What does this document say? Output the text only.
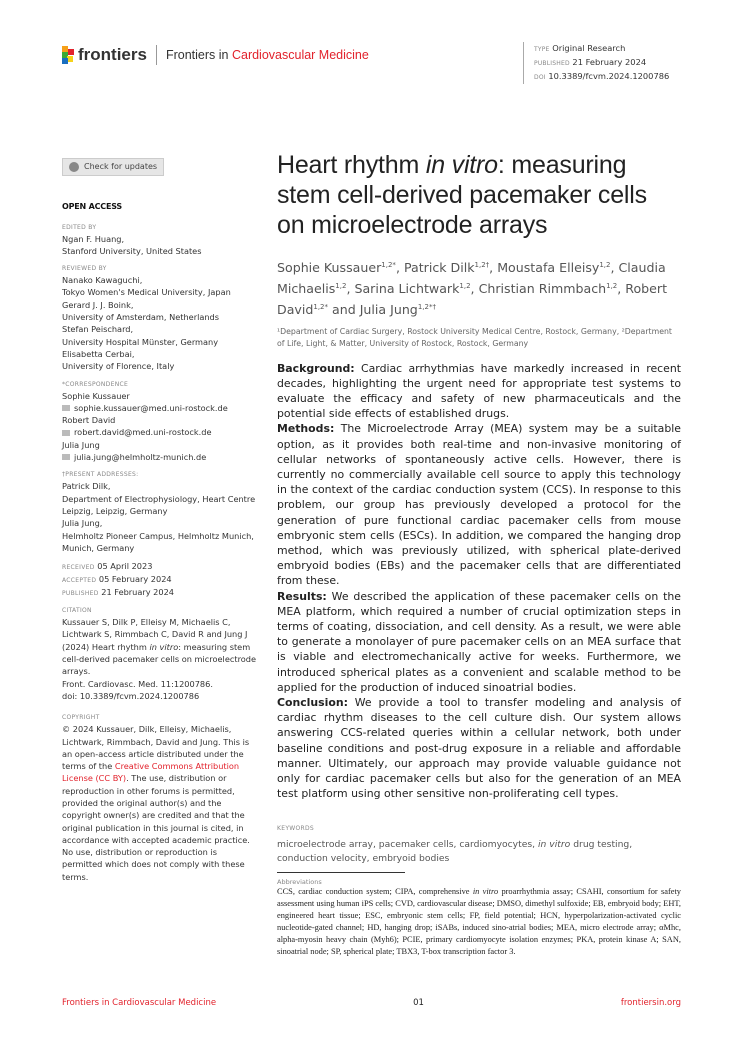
frontiers Frontiers in Cardiovascular Medicine	TYPE Original Research
PUBLISHED 21 February 2024
DOI 10.3389/fcvm.2024.1200786
Check for updates
OPEN ACCESS
EDITED BY
Ngan F. Huang,
Stanford University, United States
REVIEWED BY
Nanako Kawaguchi,
Tokyo Women's Medical University, Japan
Gerard J. J. Boink,
University of Amsterdam, Netherlands
Stefan Peischard,
University Hospital Münster, Germany
Elisabetta Cerbai,
University of Florence, Italy
*CORRESPONDENCE
Sophie Kussauer
sophie.kussauer@med.uni-rostock.de
Robert David
robert.david@med.uni-rostock.de
Julia Jung
julia.jung@helmholtz-munich.de
†PRESENT ADDRESSES:
Patrick Dilk,
Department of Electrophysiology, Heart Centre Leipzig, Leipzig, Germany
Julia Jung,
Helmholtz Pioneer Campus, Helmholtz Munich, Munich, Germany
RECEIVED 05 April 2023
ACCEPTED 05 February 2024
PUBLISHED 21 February 2024
CITATION
Kussauer S, Dilk P, Elleisy M, Michaelis C, Lichtwark S, Rimmbach C, David R and Jung J (2024) Heart rhythm in vitro: measuring stem cell-derived pacemaker cells on microelectrode arrays.
Front. Cardiovasc. Med. 11:1200786.
doi: 10.3389/fcvm.2024.1200786
COPYRIGHT
© 2024 Kussauer, Dilk, Elleisy, Michaelis, Lichtwark, Rimmbach, David and Jung. This is an open-access article distributed under the terms of the Creative Commons Attribution License (CC BY). The use, distribution or reproduction in other forums is permitted, provided the original author(s) and the copyright owner(s) are credited and that the original publication in this journal is cited, in accordance with accepted academic practice. No use, distribution or reproduction is permitted which does not comply with these terms.
Heart rhythm in vitro: measuring stem cell-derived pacemaker cells on microelectrode arrays
Sophie Kussauer$^{1,2*}$, Patrick Dilk$^{1,2\dagger}$, Moustafa Elleisy$^{1,2}$, Claudia Michaelis$^{1,2}$, Sarina Lichtwark$^{1,2}$, Christian Rimmbach$^{1,2}$, Robert David$^{1,2*}$ and Julia Jung$^{1,2*\dagger}$
¹Department of Cardiac Surgery, Rostock University Medical Centre, Rostock, Germany, ²Department of Life, Light, & Matter, University of Rostock, Rostock, Germany

Background: Cardiac arrhythmias have markedly increased in recent decades, highlighting the urgent need for appropriate test systems to evaluate the efficacy and safety of new pharmaceuticals and the potential side effects of established drugs.

Methods: The Microelectrode Array (MEA) system may be a suitable option, as it provides both real-time and non-invasive monitoring of cellular networks of spontaneously active cells. However, there is currently no commercially available cell source to apply this technology in the context of the cardiac conduction system (CCS). In response to this problem, our group has previously developed a protocol for the generation of pure functional cardiac pacemaker cells from mouse embryonic stem cells (ESCs). In addition, we compared the hanging drop method, which was previously utilized, with spherical plate-derived embryoid bodies (EBs) and the pacemaker cells that are differentiated from these.

Results: We described the application of these pacemaker cells on the MEA platform, which required a number of crucial optimization steps in terms of coating, dissociation, and cell density. As a result, we were able to generate a monolayer of pure pacemaker cells on an MEA surface that is viable and electromechanically active for weeks. Furthermore, we introduced spherical plates as a convenient and scalable method to be applied for the production of induced sinoatrial bodies.

Conclusion: We provide a tool to transfer modeling and analysis of cardiac rhythm diseases to the cell culture dish. Our system allows answering CCS-related queries within a cellular network, both under baseline conditions and post-drug exposure in a reliable and affordable manner. Ultimately, our approach may provide valuable guidance not only for cardiac pacemaker cells but also for the generation of an MEA test platform using other sensitive non-proliferating cell types.

KEYWORDS
microelectrode array, pacemaker cells, cardiomyocytes, in vitro drug testing, conduction velocity, embryoid bodies
Abbreviations
CCS, cardiac conduction system; CIPA, comprehensive in vitro proarrhythmia assay; CSAHI, consortium for safety assessment using human iPS cells; CVD, cardiovascular disease; DMSO, dimethyl sulfoxide; EB, embryoid body; EHT, engineered heart tissue; ESC, embryonic stem cells; FP, field potential; HCN, hyperpolarization-activated cyclic nucleotide-gated channel; HD, hanging drop; iSABs, induced sino-atrial bodies; MEA, micro electrode array; αMhc, alpha-myosin heavy chain (Myh6); PCIE, primary cardiomyocyte isolation enzymes; PKA, protein kinase A; SAN, sinoatrial node; SP, spherical plate; TBX3, T-box transcription factor 3.
Frontiers in Cardiovascular Medicine	01	frontiersin.org
